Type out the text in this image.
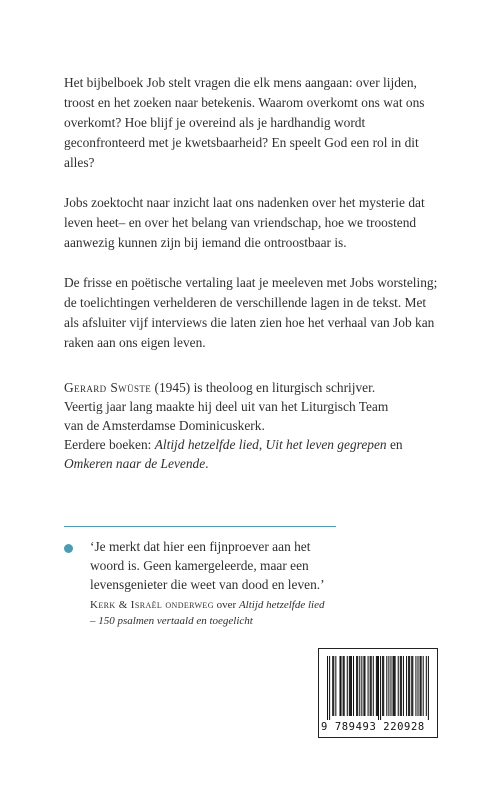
Het bijbelboek Job stelt vragen die elk mens aangaan: over lijden, troost en het zoeken naar betekenis. Waarom overkomt ons wat ons overkomt? Hoe blijf je overeind als je hardhandig wordt geconfronteerd met je kwetsbaarheid? En speelt God een rol in dit alles?

Jobs zoektocht naar inzicht laat ons nadenken over het mysterie dat leven heet– en over het belang van vriendschap, hoe we troostend aanwezig kunnen zijn bij iemand die ontroostbaar is.

De frisse en poëtische vertaling laat je meeleven met Jobs worsteling; de toelichtingen verhelderen de verschillende lagen in de tekst. Met als afsluiter vijf interviews die laten zien hoe het verhaal van Job kan raken aan ons eigen leven.

Gerard Swüste (1945) is theoloog en liturgisch schrijver.
Veertig jaar lang maakte hij deel uit van het Liturgisch Team
van de Amsterdamse Dominicuskerk.
Eerdere boeken: Altijd hetzelfde lied, Uit het leven gegrepen en
Omkeren naar de Levende.
‘Je merkt dat hier een fijnproever aan het
woord is. Geen kamergeleerde, maar een
levensgenieter die weet van dood en leven.’
Kerk & Israël onderweg over Altijd hetzelfde lied
– 150 psalmen vertaald en toegelicht
9 789493 220928
